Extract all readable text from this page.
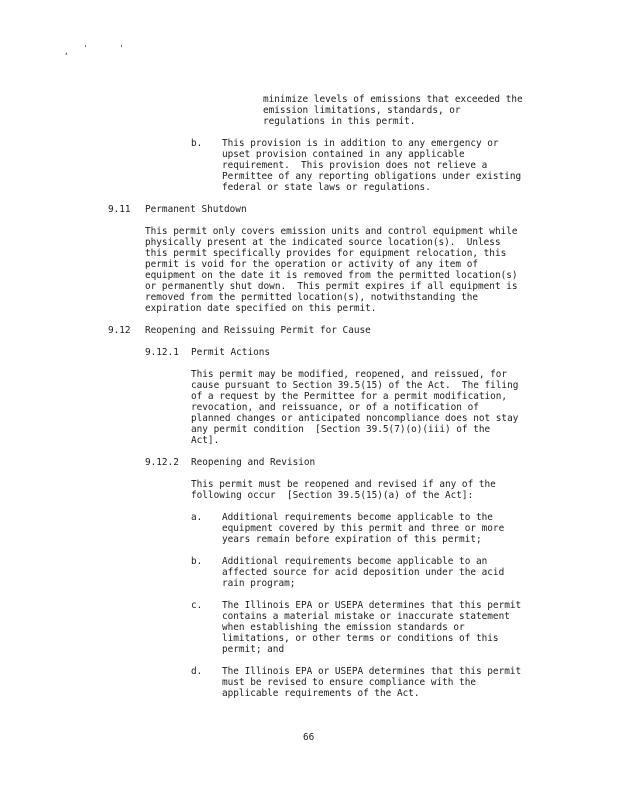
, '	'
minimize levels of emissions that exceeded the
emission limitations, standards, or
regulations in this permit.
b. This provision is in addition to any emergency or
upset provision contained in any applicable
requirement.  This provision does not relieve a
Permittee of any reporting obligations under existing
federal or state laws or regulations.
9.11 Permanent Shutdown
This permit only covers emission units and control equipment while
physically present at the indicated source location(s).  Unless
this permit specifically provides for equipment relocation, this
permit is void for the operation or activity of any item of
equipment on the date it is removed from the permitted location(s)
or permanently shut down.  This permit expires if all equipment is
removed from the permitted location(s), notwithstanding the
expiration date specified on this permit.
9.12 Reopening and Reissuing Permit for Cause
9.12.1 Permit Actions
This permit may be modified, reopened, and reissued, for
cause pursuant to Section 39.5(15) of the Act.  The filing
of a request by the Permittee for a permit modification,
revocation, and reissuance, or of a notification of
planned changes or anticipated noncompliance does not stay
any permit condition  [Section 39.5(7)(o)(iii) of the
Act].
9.12.2 Reopening and Revision
This permit must be reopened and revised if any of the
following occur  [Section 39.5(15)(a) of the Act]:
a. Additional requirements become applicable to the
equipment covered by this permit and three or more
years remain before expiration of this permit;
b. Additional requirements become applicable to an
affected source for acid deposition under the acid
rain program;
c. The Illinois EPA or USEPA determines that this permit
contains a material mistake or inaccurate statement
when establishing the emission standards or
limitations, or other terms or conditions of this
permit; and
d. The Illinois EPA or USEPA determines that this permit
must be revised to ensure compliance with the
applicable requirements of the Act.
66
